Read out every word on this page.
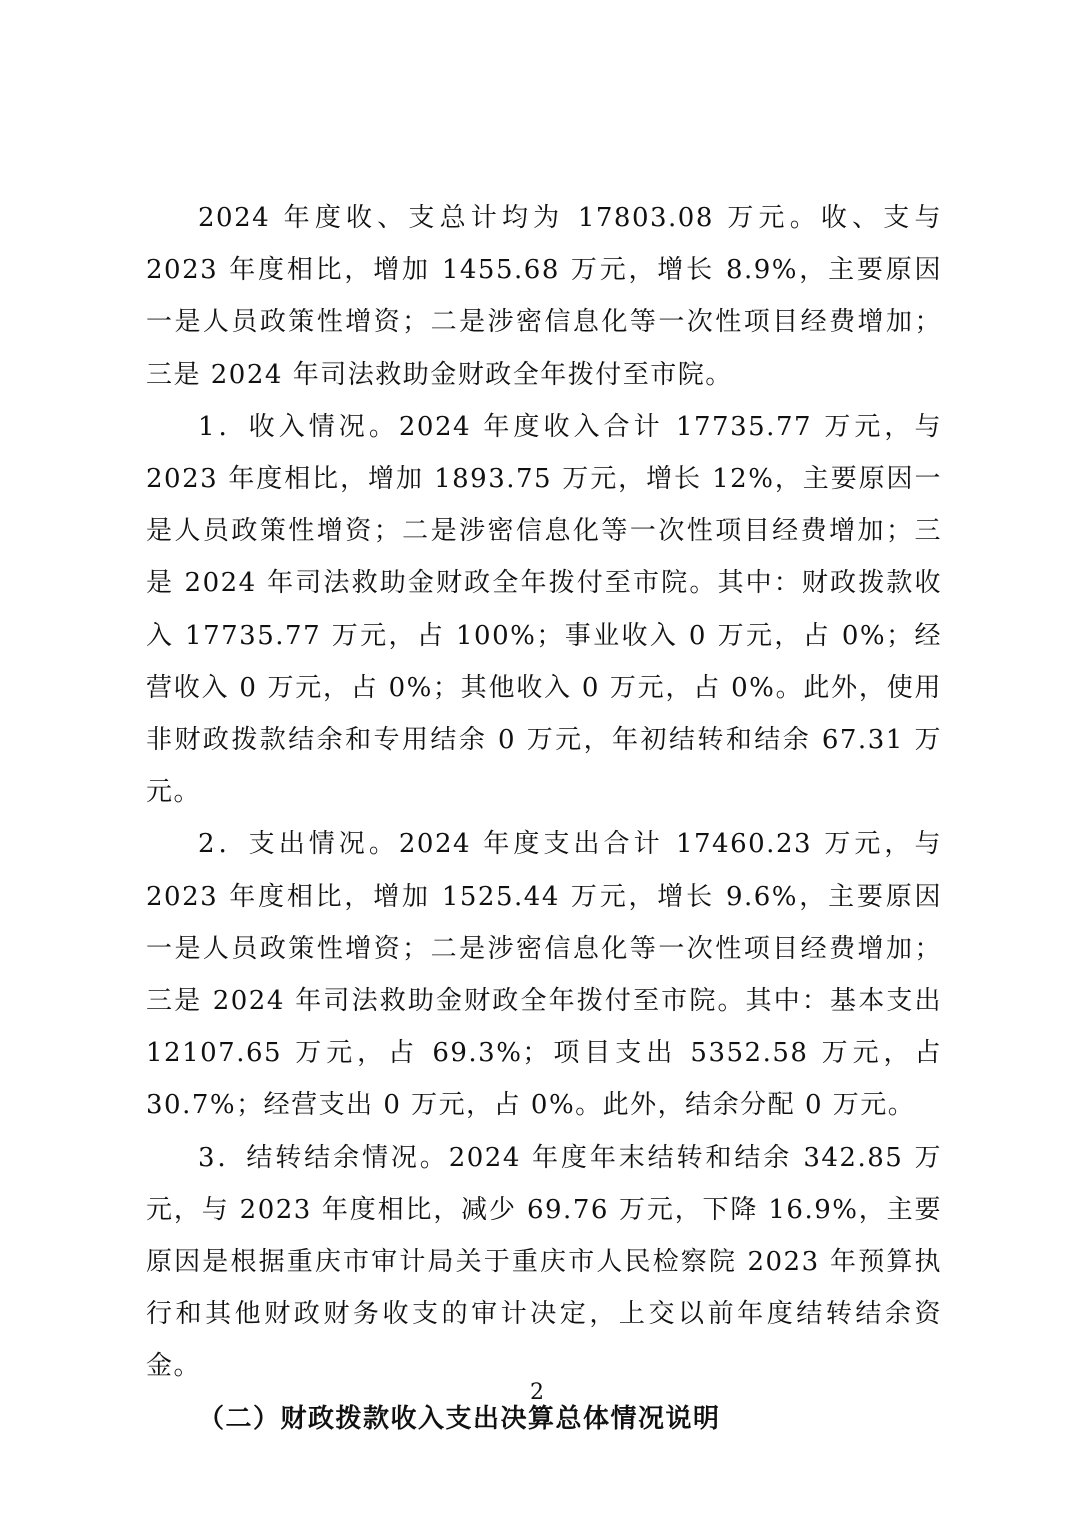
2024 年度收、支总计均为 17803.08 万元。收、支与 2023 年度相比，增加 1455.68 万元，增长 8.9%，主要原因一是人员政策性增资；二是涉密信息化等一次性项目经费增加；三是 2024 年司法救助金财政全年拨付至市院。

1．收入情况。2024 年度收入合计 17735.77 万元，与 2023 年度相比，增加 1893.75 万元，增长 12%，主要原因一是人员政策性增资；二是涉密信息化等一次性项目经费增加；三是 2024 年司法救助金财政全年拨付至市院。其中：财政拨款收入 17735.77 万元，占 100%；事业收入 0 万元，占 0%；经营收入 0 万元，占 0%；其他收入 0 万元，占 0%。此外，使用非财政拨款结余和专用结余 0 万元，年初结转和结余 67.31 万元。

2．支出情况。2024 年度支出合计 17460.23 万元，与 2023 年度相比，增加 1525.44 万元，增长 9.6%，主要原因一是人员政策性增资；二是涉密信息化等一次性项目经费增加；三是 2024 年司法救助金财政全年拨付至市院。其中：基本支出 12107.65 万元，占 69.3%；项目支出 5352.58 万元，占 30.7%；经营支出 0 万元，占 0%。此外，结余分配 0 万元。

3．结转结余情况。2024 年度年末结转和结余 342.85 万元，与 2023 年度相比，减少 69.76 万元，下降 16.9%，主要原因是根据重庆市审计局关于重庆市人民检察院 2023 年预算执行和其他财政财务收支的审计决定，上交以前年度结转结余资金。

（二）财政拨款收入支出决算总体情况说明

2
